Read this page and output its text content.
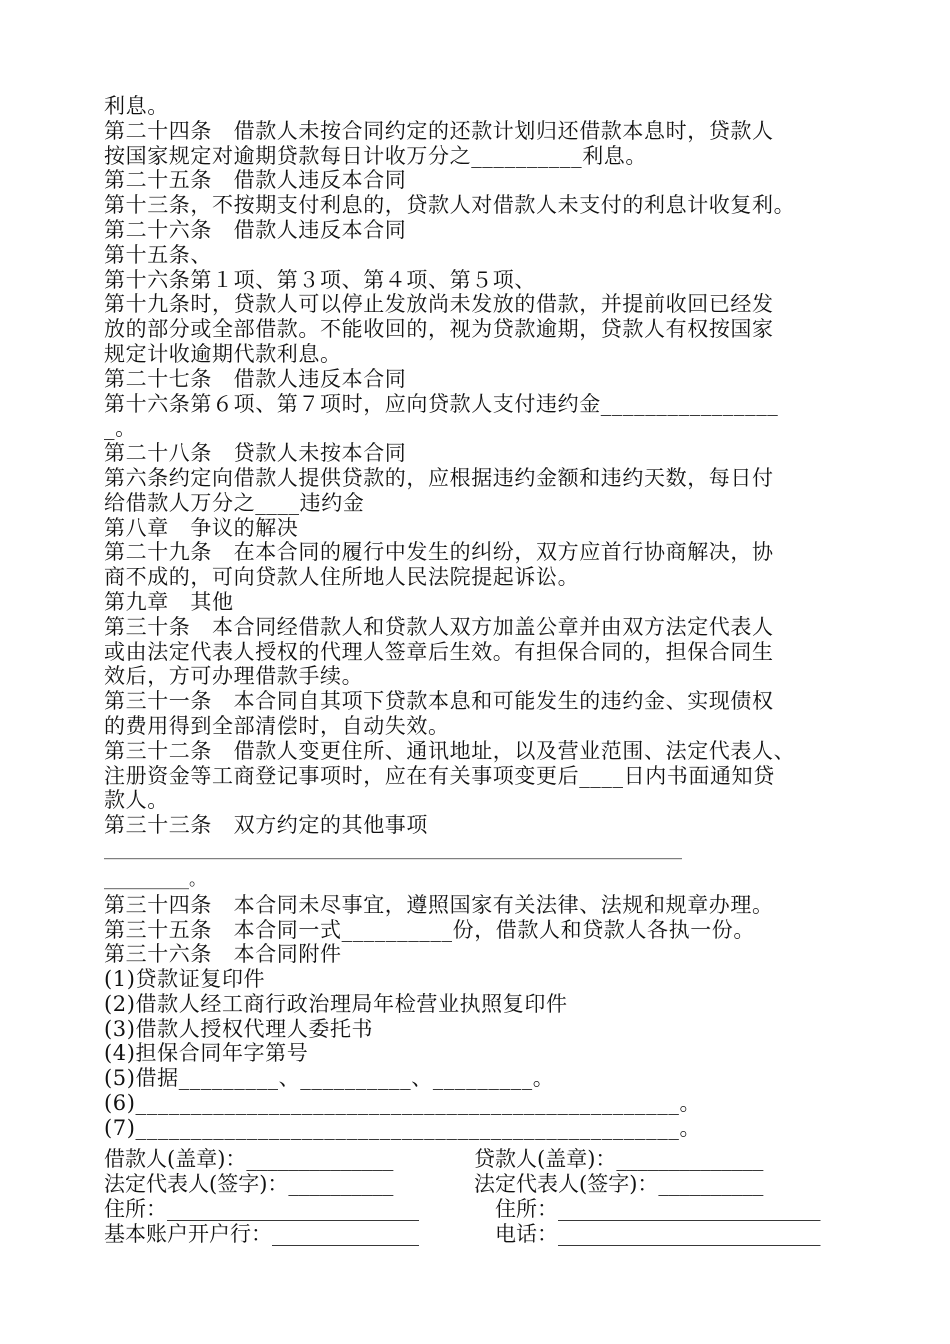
利息。
第二十四条　借款人未按合同约定的还款计划归还借款本息时，贷款人
按国家规定对逾期贷款每日计收万分之__________利息。
第二十五条　借款人违反本合同
第十三条，不按期支付利息的，贷款人对借款人未支付的利息计收复利。
第二十六条　借款人违反本合同
第十五条、
第十六条第１项、第３项、第４项、第５项、
第十九条时，贷款人可以停止发放尚未发放的借款，并提前收回已经发
放的部分或全部借款。不能收回的，视为贷款逾期，贷款人有权按国家
规定计收逾期代款利息。
第二十七条　借款人违反本合同
第十六条第６项、第７项时，应向贷款人支付违约金________________
_。
第二十八条　贷款人未按本合同
第六条约定向借款人提供贷款的，应根据违约金额和违约天数，每日付
给借款人万分之____违约金
第八章　争议的解决
第二十九条　在本合同的履行中发生的纠纷，双方应首行协商解决，协
商不成的，可向贷款人住所地人民法院提起诉讼。
第九章　其他
第三十条　本合同经借款人和贷款人双方加盖公章并由双方法定代表人
或由法定代表人授权的代理人签章后生效。有担保合同的，担保合同生
效后，方可办理借款手续。
第三十一条　本合同自其项下贷款本息和可能发生的违约金、实现债权
的费用得到全部清偿时，自动失效。
第三十二条　借款人变更住所、通讯地址，以及营业范围、法定代表人、
注册资金等工商登记事项时，应在有关事项变更后____日内书面通知贷
款人。
第三十三条　双方约定的其他事项
____________________________________________________________________
__________。
第三十四条　本合同未尽事宜，遵照国家有关法律、法规和规章办理。
第三十五条　本合同一式__________份，借款人和贷款人各执一份。
第三十六条　本合同附件
(1)贷款证复印件
(2)借款人经工商行政治理局年检营业执照复印件
(3)借款人授权代理人委托书
(4)担保合同年字第号
(5)借据_________、__________、_________。
(6)_________________________________________________。
(7)_________________________________________________。
借款人(盖章)：______________	贷款人(盖章)：______________
法定代表人(签字)：__________	法定代表人(签字)：__________
住所：________________________	　住所：_________________________
基本账户开户行：______________	　电话：_________________________
